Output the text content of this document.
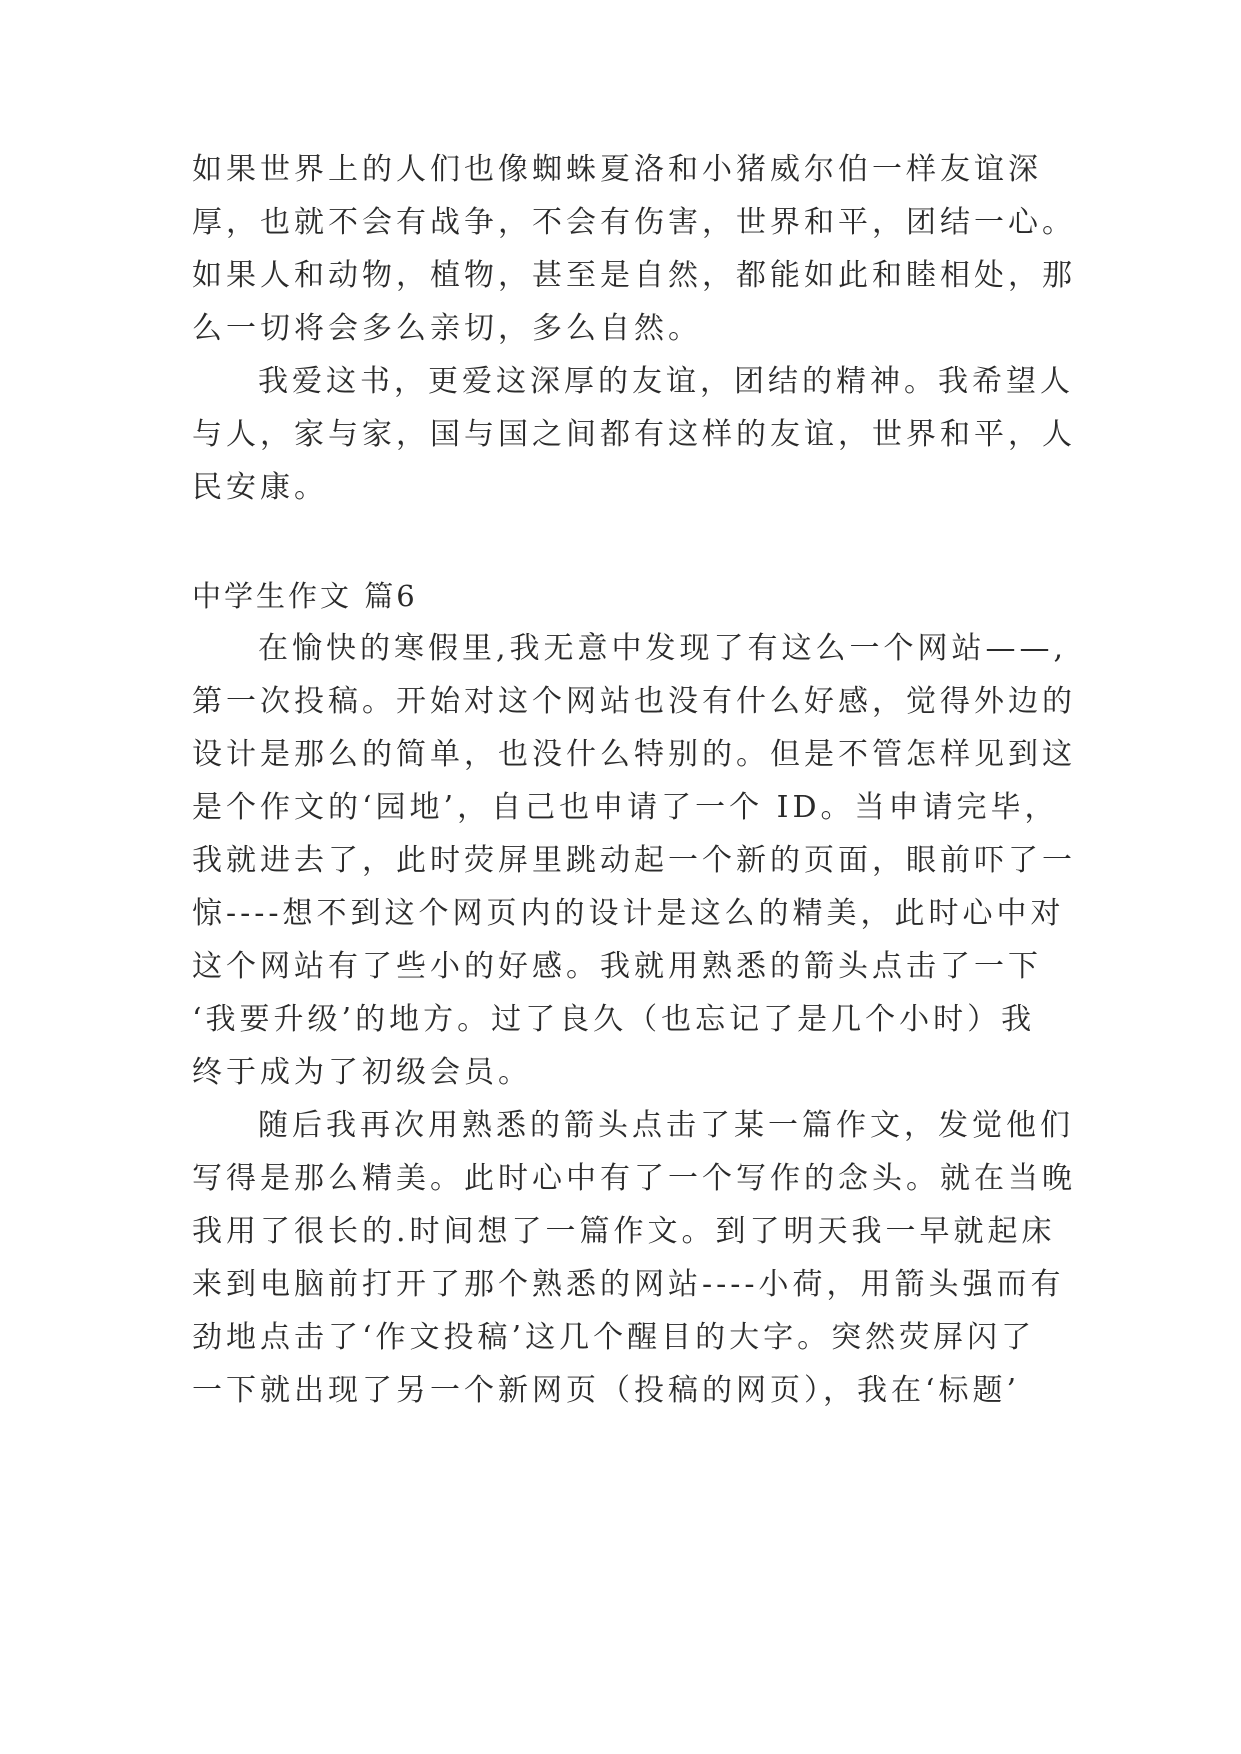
如果世界上的人们也像蜘蛛夏洛和小猪威尔伯一样友谊深
厚，也就不会有战争，不会有伤害，世界和平，团结一心。
如果人和动物，植物，甚至是自然，都能如此和睦相处，那
么一切将会多么亲切，多么自然。
我爱这书，更爱这深厚的友谊，团结的精神。我希望人
与人，家与家，国与国之间都有这样的友谊，世界和平，人
民安康。
中学生作文 篇6
在愉快的寒假里,我无意中发现了有这么一个网站——,
第一次投稿。开始对这个网站也没有什么好感，觉得外边的
设计是那么的简单，也没什么特别的。但是不管怎样见到这
是个作文的‘园地’，自己也申请了一个 ID。当申请完毕，
我就进去了，此时荧屏里跳动起一个新的页面，眼前吓了一
惊----想不到这个网页内的设计是这么的精美，此时心中对
这个网站有了些小的好感。我就用熟悉的箭头点击了一下
‘我要升级’的地方。过了良久（也忘记了是几个小时）我
终于成为了初级会员。
随后我再次用熟悉的箭头点击了某一篇作文，发觉他们
写得是那么精美。此时心中有了一个写作的念头。就在当晚
我用了很长的.时间想了一篇作文。到了明天我一早就起床
来到电脑前打开了那个熟悉的网站----小荷，用箭头强而有
劲地点击了‘作文投稿’这几个醒目的大字。突然荧屏闪了
一下就出现了另一个新网页（投稿的网页），我在‘标题’
